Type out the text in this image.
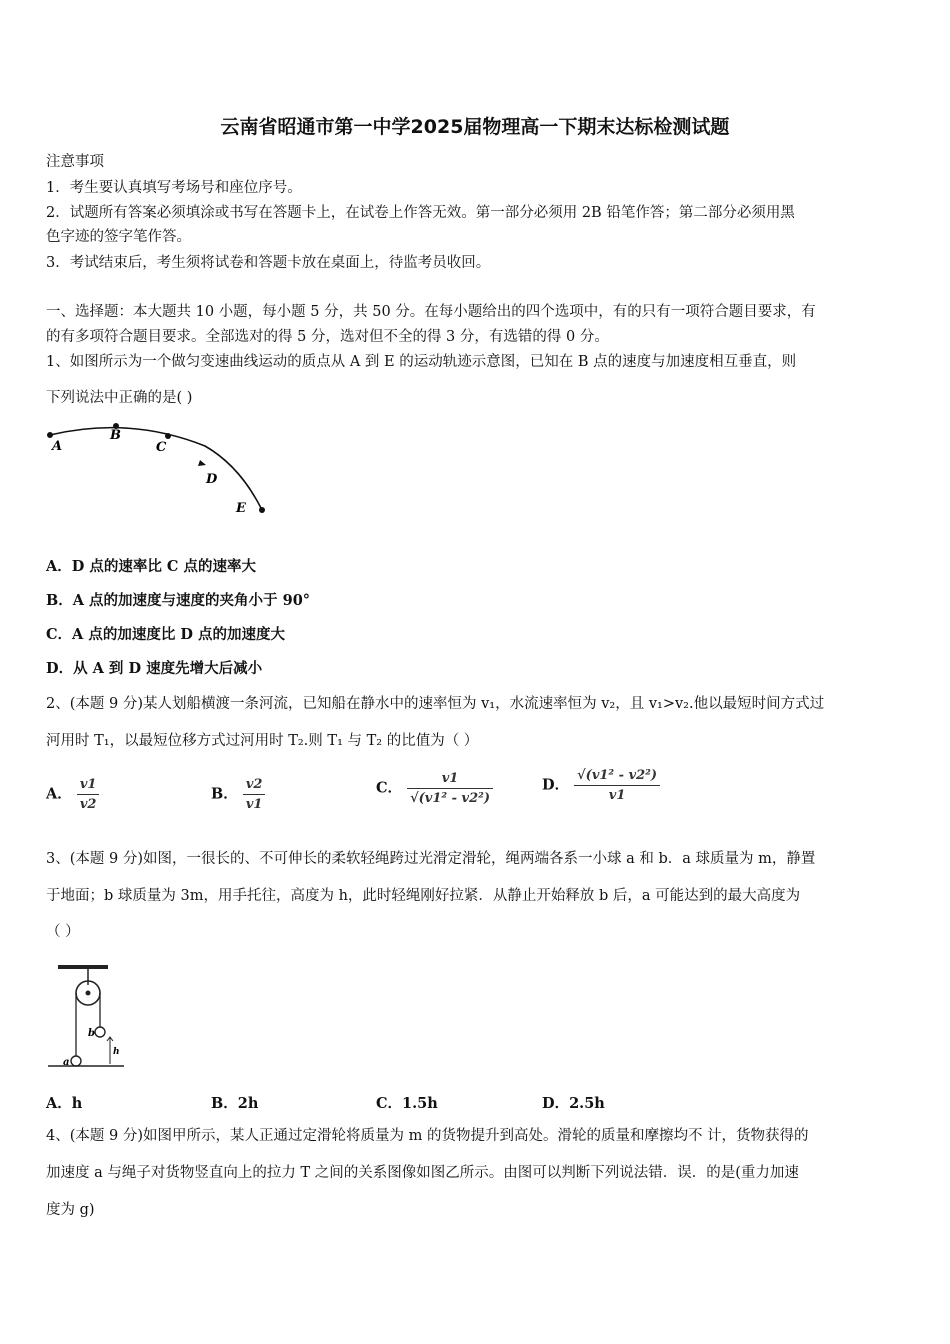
云南省昭通市第一中学2025届物理高一下期末达标检测试题
注意事项
1．考生要认真填写考场号和座位序号。
2．试题所有答案必须填涂或书写在答题卡上，在试卷上作答无效。第一部分必须用 2B 铅笔作答；第二部分必须用黑
色字迹的签字笔作答。
3．考试结束后，考生须将试卷和答题卡放在桌面上，待监考员收回。
一、选择题：本大题共 10 小题，每小题 5 分，共 50 分。在每小题给出的四个选项中，有的只有一项符合题目要求，有
的有多项符合题目要求。全部选对的得 5 分，选对但不全的得 3 分，有选错的得 0 分。
1、如图所示为一个做匀变速曲线运动的质点从 A 到 E 的运动轨迹示意图，已知在 B 点的速度与加速度相互垂直，则
下列说法中正确的是( )
A
B
C
D
E
A．D 点的速率比 C 点的速率大
B．A 点的加速度与速度的夹角小于 90°
C．A 点的加速度比 D 点的加速度大
D．从 A 到 D 速度先增大后减小
2、(本题 9 分)某人划船横渡一条河流，已知船在静水中的速率恒为 v₁，水流速率恒为 v₂，且 v₁>v₂.他以最短时间方式过
河用时 T₁，以最短位移方式过河用时 T₂.则 T₁ 与 T₂ 的比值为（ ）
A． $\frac{v1}{v2}$	B． $\frac{v2}{v1}$	C． $\frac{v1}{\text{√(v1² - v2²)}}$	D． $\frac{\text{√(v1² - v2²)}}{v1}$
3、(本题 9 分)如图，一很长的、不可伸长的柔软轻绳跨过光滑定滑轮，绳两端各系一小球 a 和 b．a 球质量为 m，静置
于地面；b 球质量为 3m，用手托往，高度为 h，此时轻绳刚好拉紧．从静止开始释放 b 后，a 可能达到的最大高度为
（ ）
b
a
h
A．h	B．2h	C．1.5h	D．2.5h
4、(本题 9 分)如图甲所示，某人正通过定滑轮将质量为 m 的货物提升到高处。滑轮的质量和摩擦均不 计，货物获得的
加速度 a 与绳子对货物竖直向上的拉力 T 之间的关系图像如图乙所示。由图可以判断下列说法错．误．的是(重力加速
度为 g)
